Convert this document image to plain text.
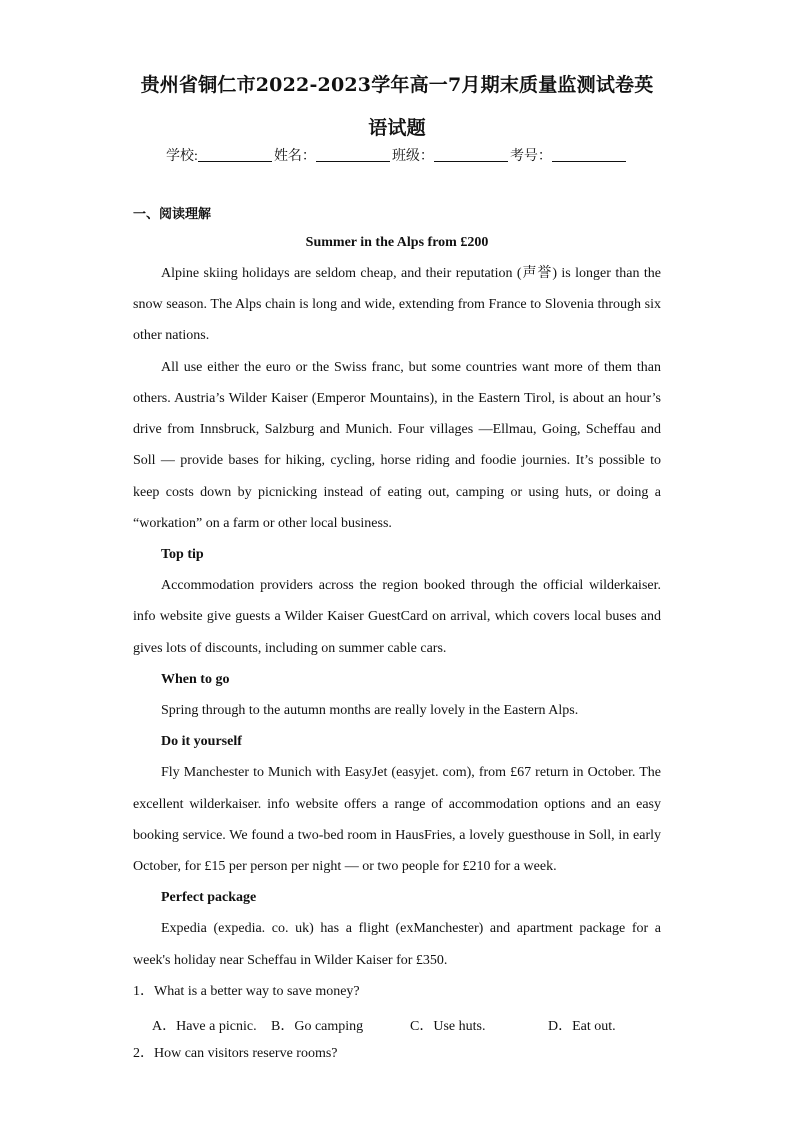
贵州省铜仁市2022-2023学年高一7月期末质量监测试卷英
语试题
学校:	姓名：	班级：	考号：
一、阅读理解
Summer in the Alps from £200
Alpine skiing holidays are seldom cheap, and their reputation (声誉) is longer than the
snow season. The Alps chain is long and wide, extending from France to Slovenia through six
other nations.
All use either the euro or the Swiss franc, but some countries want more of them than
others. Austria’s Wilder Kaiser (Emperor Mountains), in the Eastern Tirol, is about an hour’s
drive from Innsbruck, Salzburg and Munich. Four villages —Ellmau, Going, Scheffau and
Soll — provide bases for hiking, cycling, horse riding and foodie journies. It’s possible to
keep costs down by picnicking instead of eating out, camping or using huts, or doing a
“workation” on a farm or other local business.
Top tip
Accommodation providers across the region booked through the official wilderkaiser.
info website give guests a Wilder Kaiser GuestCard on arrival, which covers local buses and
gives lots of discounts, including on summer cable cars.
When to go
Spring through to the autumn months are really lovely in the Eastern Alps.
Do it yourself
Fly Manchester to Munich with EasyJet (easyjet. com), from £67 return in October. The
excellent wilderkaiser. info website offers a range of accommodation options and an easy
booking service. We found a two-bed room in HausFries, a lovely guesthouse in Soll, in early
October, for £15 per person per night — or two people for £210 for a week.
Perfect package
Expedia (expedia. co. uk) has a flight (exManchester) and apartment package for a
week's holiday near Scheffau in Wilder Kaiser for £350.
1．What is a better way to save money?
A．Have a picnic. B．Go camping	C．Use huts.	D．Eat out.
2．How can visitors reserve rooms?
